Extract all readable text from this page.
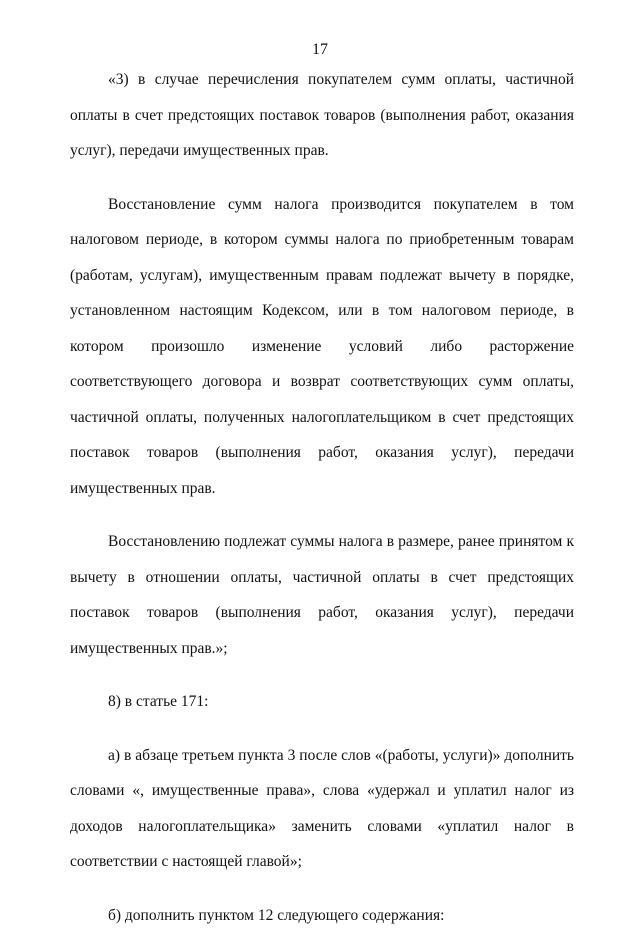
17

«3) в случае перечисления покупателем сумм оплаты, частичной оплаты в счет предстоящих поставок товаров (выполнения работ, оказания услуг), передачи имущественных прав.

Восстановление сумм налога производится покупателем в том налоговом периоде, в котором суммы налога по приобретенным товарам (работам, услугам), имущественным правам подлежат вычету в порядке, установленном настоящим Кодексом, или в том налоговом периоде, в котором произошло изменение условий либо расторжение соответствующего договора и возврат соответствующих сумм оплаты, частичной оплаты, полученных налогоплательщиком в счет предстоящих поставок товаров (выполнения работ, оказания услуг), передачи имущественных прав.

Восстановлению подлежат суммы налога в размере, ранее принятом к вычету в отношении оплаты, частичной оплаты в счет предстоящих поставок товаров (выполнения работ, оказания услуг), передачи имущественных прав.»;

8) в статье 171:

а) в абзаце третьем пункта 3 после слов «(работы, услуги)» дополнить словами «, имущественные права», слова «удержал и уплатил налог из доходов налогоплательщика» заменить словами «уплатил налог в соответствии с настоящей главой»;

б) дополнить пунктом 12 следующего содержания:
